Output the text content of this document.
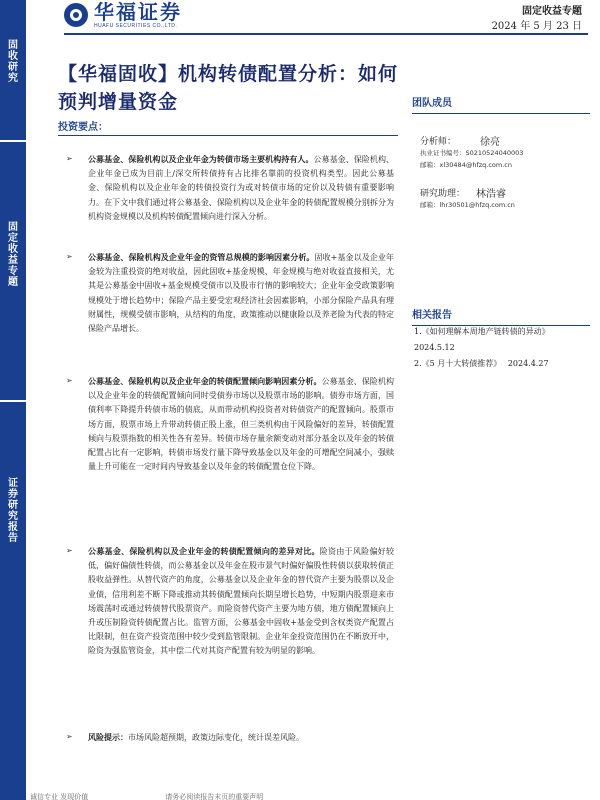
固
收
研
究
固
定
收
益
专
题
证
券
研
究
报
告
华福证券
HUAFU SECURITIES CO.,LTD.
固定收益专题
2024 年 5 月 23 日
【华福固收】机构转债配置分析：如何
预判增量资金
投资要点：
➢ 公募基金、保险机构以及企业年金为转债市场主要机构持有人。公募基金、保险机构、企业年金已成为目前上/深交所转债持有占比排名靠前的投资机构类型。因此公募基金、保险机构以及企业年金的转债投资行为或对转债市场的定价以及转债有重要影响力。在下文中我们通过将公募基金、保险机构以及企业年金的转债配置规模分别拆分为机构资金规模以及机构转债配置倾向进行深入分析。
➢ 公募基金、保险机构及企业年金的资管总规模的影响因素分析。固收+基金以及企业年金较为注重投资的绝对收益，因此固收+基金规模、年金规模与绝对收益直接相关，尤其是公募基金中固收+基金规模受债市以及股市行情的影响较大；企业年金受政策影响规模处于增长趋势中；保险产品主要受宏观经济社会因素影响，小部分保险产品具有理财属性，规模受债市影响，从结构的角度，政策推动以健康险以及养老险为代表的特定保险产品增长。
➢ 公募基金、保险机构以及企业年金的转债配置倾向影响因素分析。公募基金、保险机构以及企业年金的转债配置倾向同时受债券市场以及股票市场的影响。债券市场方面，国债利率下降提升转债市场的债底，从而带动机构投资者对转债资产的配置倾向。股票市场方面，股票市场上升带动转债正股上涨，但三类机构由于风险偏好的差异，转债配置倾向与股票指数的相关性各有差异。转债市场存量余额变动对部分基金以及年金的转债配置占比有一定影响，转债市场发行量下降导致基金以及年金的可增配空间减小，强赎量上升可能在一定时间内导致基金以及年金的转债配置仓位下降。
➢ 公募基金、保险机构以及企业年金的转债配置倾向的差异对比。险资由于风险偏好较低，偏好偏债性转债，而公募基金以及年金在股市景气时偏好偏股性转债以获取转债正股收益弹性。从替代资产的角度，公募基金以及企业年金的替代资产主要为股票以及企业债，信用利差不断下降或推动其转债配置倾向长期呈增长趋势，中短期内股票迎来市场震荡时或通过转债替代股票资产。而险资替代资产主要为地方债，地方债配置倾向上升或压制险资转债配置占比。监管方面，公募基金中固收+基金受到含权类资产配置占比限制，但在资产投资范围中较少受到监管限制。企业年金投资范围仍在不断放开中，险资为强监管资金，其中偿二代对其资产配置有较为明显的影响。
➢ 风险提示：市场风险超预期，政策边际变化，统计误差风险。
团队成员
分析师： 徐亮
执业证书编号：S0210524040003
邮箱：xl30484@hfzq.com.cn
研究助理： 林浩睿
邮箱：lhr30501@hfzq.com.cn
相关报告
1.《如何理解本周地产链转债的异动》
2024.5.12
2.《5 月十大转债推荐》 2024.4.27
诚信专业 发现价值　　　　　　　　　　　请务必阅读报告末页的重要声明
